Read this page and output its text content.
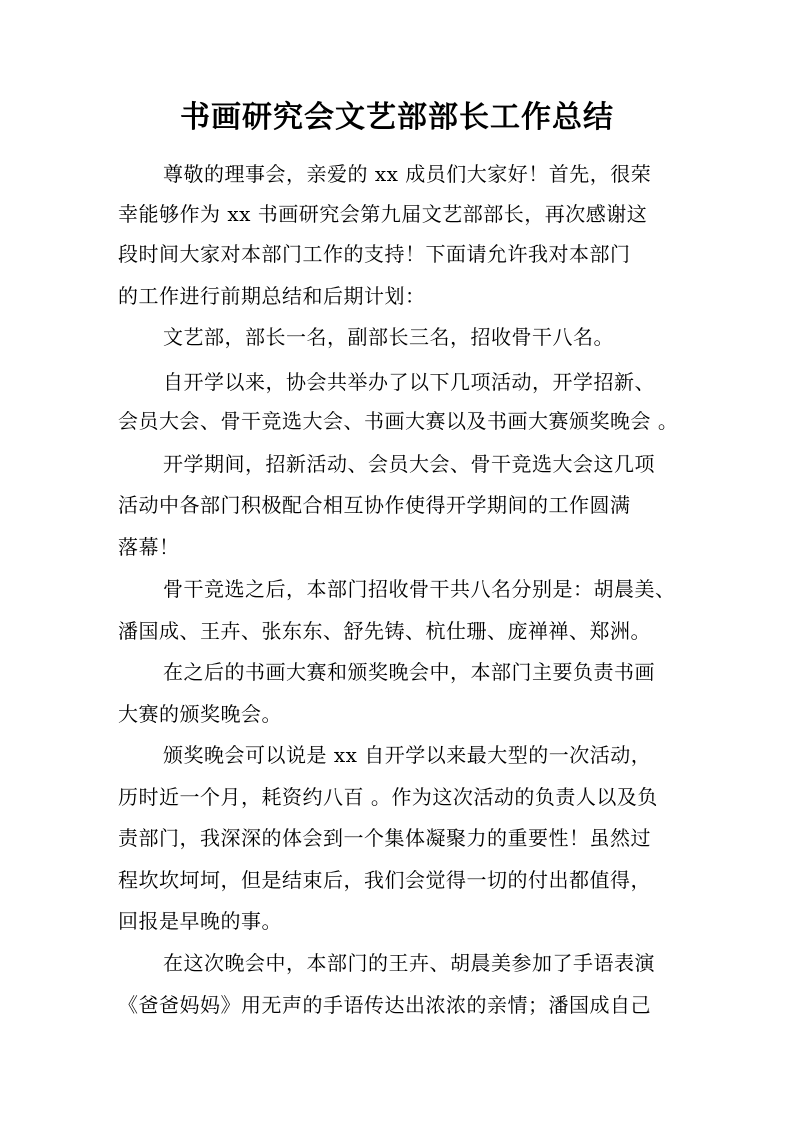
书画研究会文艺部部长工作总结
尊敬的理事会，亲爱的 xx 成员们大家好！首先，很荣
幸能够作为 xx 书画研究会第九届文艺部部长，再次感谢这
段时间大家对本部门工作的支持！下面请允许我对本部门
的工作进行前期总结和后期计划：
文艺部，部长一名，副部长三名，招收骨干八名。
自开学以来，协会共举办了以下几项活动，开学招新、
会员大会、骨干竞选大会、书画大赛以及书画大赛颁奖晚会 。
开学期间，招新活动、会员大会、骨干竞选大会这几项
活动中各部门积极配合相互协作使得开学期间的工作圆满
落幕！
骨干竞选之后，本部门招收骨干共八名分别是：胡晨美、
潘国成、王卉、张东东、舒先铸、杭仕珊、庞禅禅、郑洲。
在之后的书画大赛和颁奖晚会中，本部门主要负责书画
大赛的颁奖晚会。
颁奖晚会可以说是 xx 自开学以来最大型的一次活动，
历时近一个月，耗资约八百 。作为这次活动的负责人以及负
责部门，我深深的体会到一个集体凝聚力的重要性！虽然过
程坎坎坷坷，但是结束后，我们会觉得一切的付出都值得，
回报是早晚的事。
在这次晚会中，本部门的王卉、胡晨美参加了手语表演
《爸爸妈妈》用无声的手语传达出浓浓的亲情；潘国成自己
